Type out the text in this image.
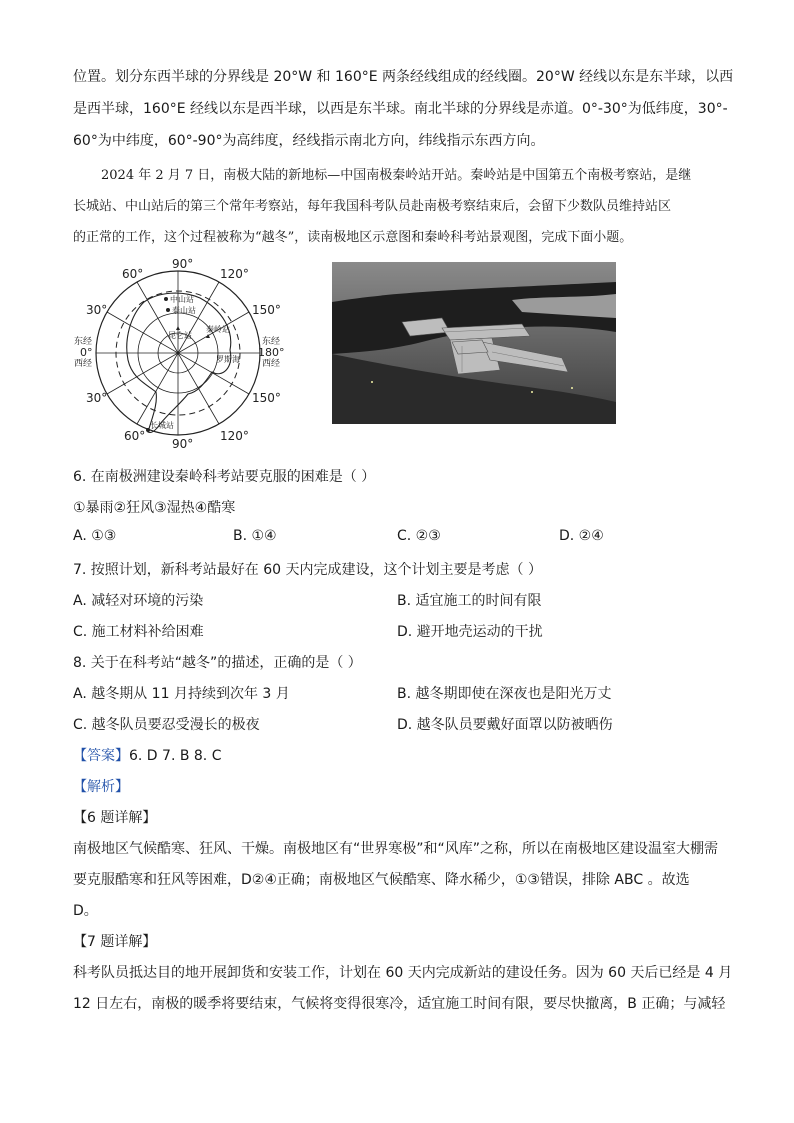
位置。划分东西半球的分界线是 20°W 和 160°E 两条经线组成的经线圈。20°W 经线以东是东半球，以西
是西半球，160°E 经线以东是西半球，以西是东半球。南北半球的分界线是赤道。0°-30°为低纬度，30°-
60°为中纬度，60°-90°为高纬度，经线指示南北方向，纬线指示东西方向。
2024 年 2 月 7 日，南极大陆的新地标—中国南极秦岭站开站。秦岭站是中国第五个南极考察站，是继
长城站、中山站后的第三个常年考察站，每年我国科考队员赴南极考察结束后，会留下少数队员维持站区
的正常的工作，这个过程被称为“越冬”，读南极地区示意图和秦岭科考站景观图，完成下面小题。
90°
90°
60°	120°
30°	150°
东经
0°
西经
东经
180°
西经
30°	150°
60°	120°
中山站
泰山站
昆仑站
秦岭站
罗斯海
长城站
6. 在南极洲建设秦岭科考站要克服的困难是（ ）
①暴雨②狂风③湿热④酷寒
A. ①③	B. ①④	C. ②③	D. ②④
7. 按照计划，新科考站最好在 60 天内完成建设，这个计划主要是考虑（ ）
A. 减轻对环境的污染	B. 适宜施工的时间有限
C. 施工材料补给困难	D. 避开地壳运动的干扰
8. 关于在科考站“越冬”的描述，正确的是（ ）
A. 越冬期从 11 月持续到次年 3 月	B. 越冬期即使在深夜也是阳光万丈
C. 越冬队员要忍受漫长的极夜	D. 越冬队员要戴好面罩以防被晒伤
【答案】6. D 7. B 8. C
【解析】
【6 题详解】
南极地区气候酷寒、狂风、干燥。南极地区有“世界寒极”和“风库”之称，所以在南极地区建设温室大棚需
要克服酷寒和狂风等困难，D②④正确；南极地区气候酷寒、降水稀少，①③错误，排除 ABC 。故选
D。
【7 题详解】
科考队员抵达目的地开展卸货和安装工作，计划在 60 天内完成新站的建设任务。因为 60 天后已经是 4 月
12 日左右，南极的暖季将要结束，气候将变得很寒冷，适宜施工时间有限，要尽快撤离，B 正确；与减轻
